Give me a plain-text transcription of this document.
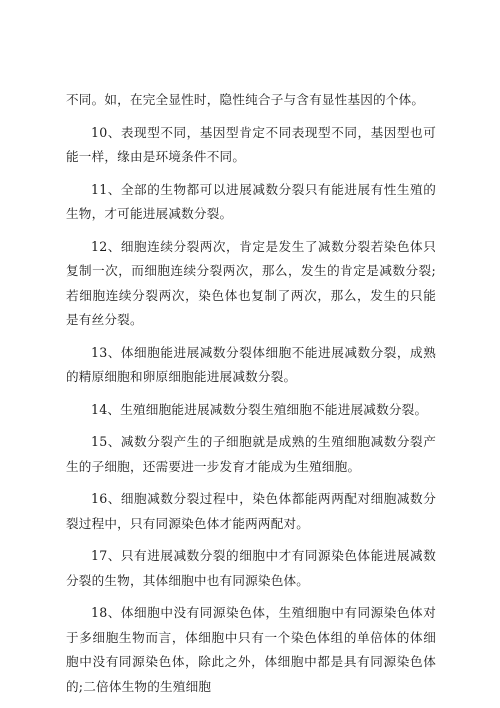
不同。如，在完全显性时，隐性纯合子与含有显性基因的个体。

10、表现型不同，基因型肯定不同表现型不同，基因型也可能一样，缘由是环境条件不同。

11、全部的生物都可以进展减数分裂只有能进展有性生殖的生物，才可能进展减数分裂。

12、细胞连续分裂两次，肯定是发生了减数分裂若染色体只复制一次，而细胞连续分裂两次，那么，发生的肯定是减数分裂;若细胞连续分裂两次，染色体也复制了两次，那么，发生的只能是有丝分裂。

13、体细胞能进展减数分裂体细胞不能进展减数分裂，成熟的精原细胞和卵原细胞能进展减数分裂。

14、生殖细胞能进展减数分裂生殖细胞不能进展减数分裂。

15、减数分裂产生的子细胞就是成熟的生殖细胞减数分裂产生的子细胞，还需要进一步发育才能成为生殖细胞。

16、细胞减数分裂过程中，染色体都能两两配对细胞减数分裂过程中，只有同源染色体才能两两配对。

17、只有进展减数分裂的细胞中才有同源染色体能进展减数分裂的生物，其体细胞中也有同源染色体。

18、体细胞中没有同源染色体，生殖细胞中有同源染色体对于多细胞生物而言，体细胞中只有一个染色体组的单倍体的体细胞中没有同源染色体，除此之外，体细胞中都是具有同源染色体的;二倍体生物的生殖细胞
